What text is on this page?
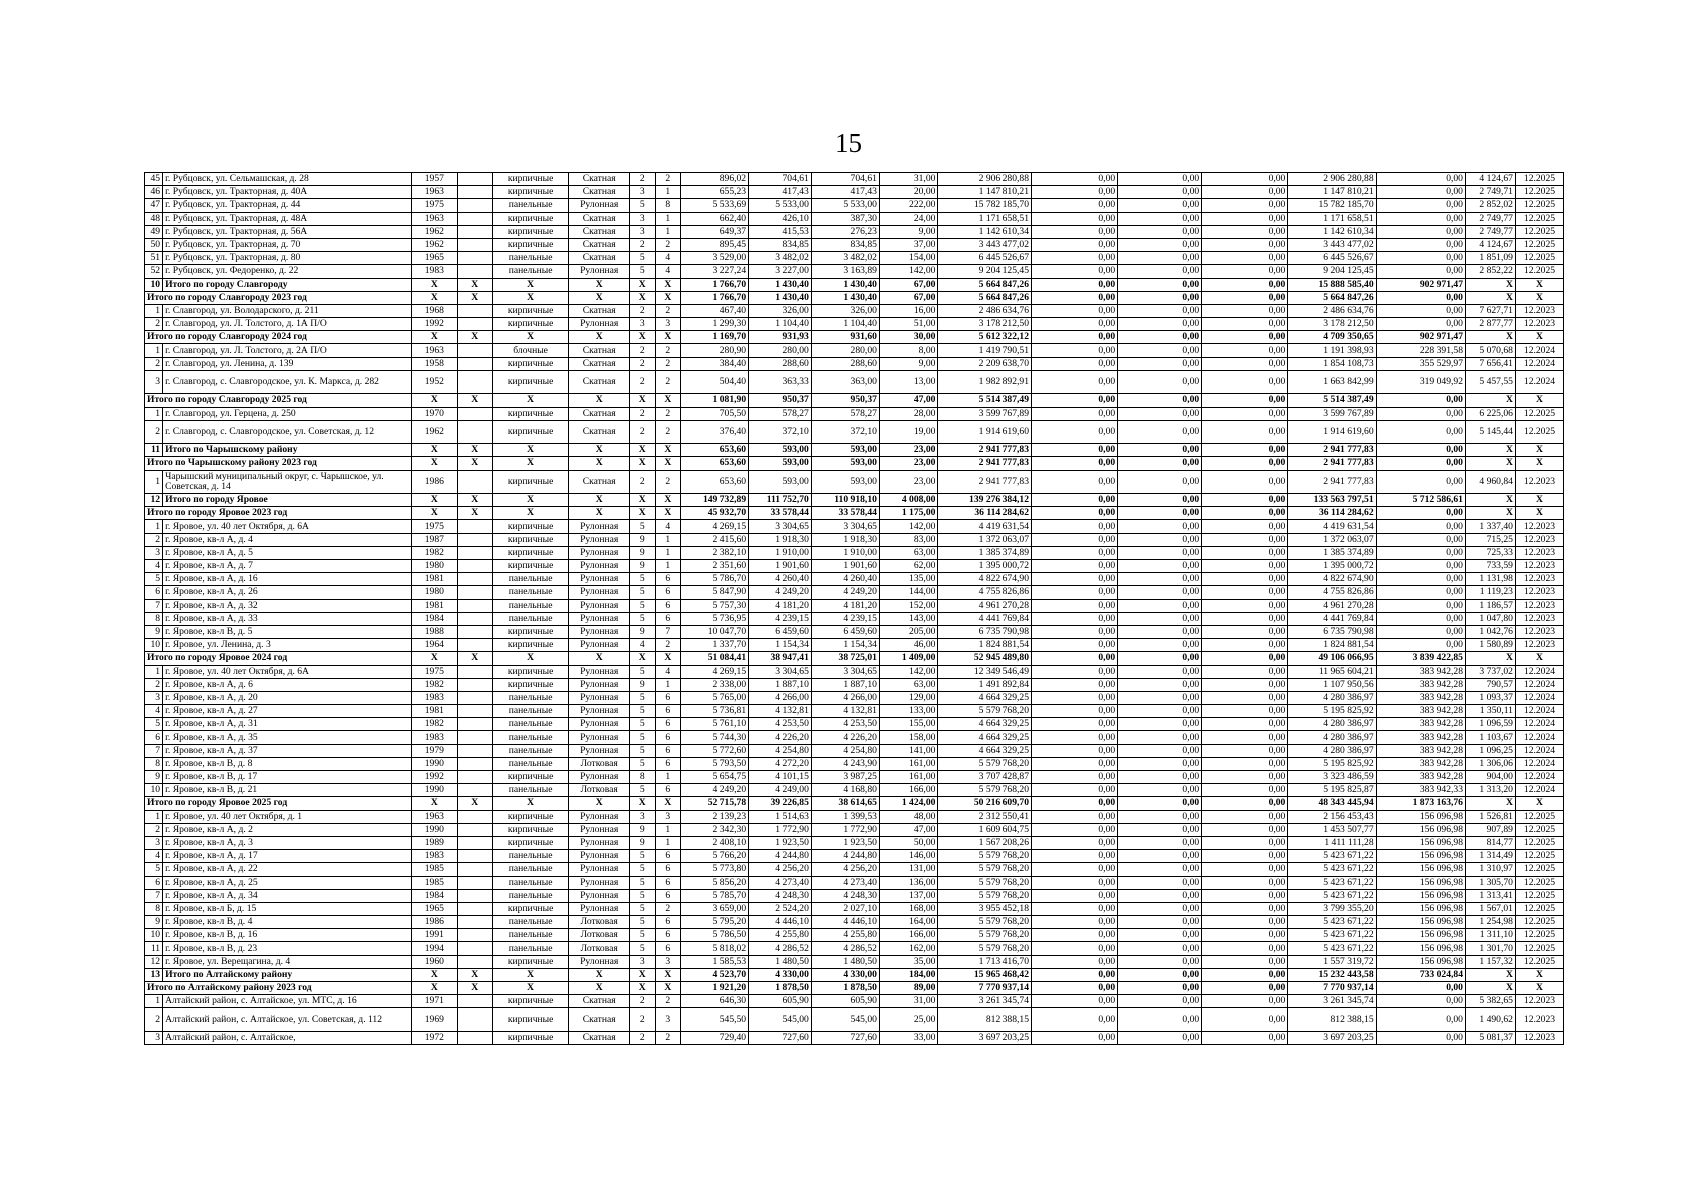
15
45	г. Рубцовск, ул. Сельмашская, д. 28	1957		кирпичные	Скатная	2	2	896,02	704,61	704,61	31,00	2 906 280,88	0,00	0,00	0,00	2 906 280,88	0,00	4 124,67	12.2025
46	г. Рубцовск, ул. Тракторная, д. 40А	1963		кирпичные	Скатная	3	1	655,23	417,43	417,43	20,00	1 147 810,21	0,00	0,00	0,00	1 147 810,21	0,00	2 749,71	12.2025
47	г. Рубцовск, ул. Тракторная, д. 44	1975		панельные	Рулонная	5	8	5 533,69	5 533,00	5 533,00	222,00	15 782 185,70	0,00	0,00	0,00	15 782 185,70	0,00	2 852,02	12.2025
48	г. Рубцовск, ул. Тракторная, д. 48А	1963		кирпичные	Скатная	3	1	662,40	426,10	387,30	24,00	1 171 658,51	0,00	0,00	0,00	1 171 658,51	0,00	2 749,77	12.2025
49	г. Рубцовск, ул. Тракторная, д. 56А	1962		кирпичные	Скатная	3	1	649,37	415,53	276,23	9,00	1 142 610,34	0,00	0,00	0,00	1 142 610,34	0,00	2 749,77	12.2025
50	г. Рубцовск, ул. Тракторная, д. 70	1962		кирпичные	Скатная	2	2	895,45	834,85	834,85	37,00	3 443 477,02	0,00	0,00	0,00	3 443 477,02	0,00	4 124,67	12.2025
51	г. Рубцовск, ул. Тракторная, д. 80	1965		панельные	Скатная	5	4	3 529,00	3 482,02	3 482,02	154,00	6 445 526,67	0,00	0,00	0,00	6 445 526,67	0,00	1 851,09	12.2025
52	г. Рубцовск, ул. Федоренко, д. 22	1983		панельные	Рулонная	5	4	3 227,24	3 227,00	3 163,89	142,00	9 204 125,45	0,00	0,00	0,00	9 204 125,45	0,00	2 852,22	12.2025
10	Итого по городу Славгороду	Х	Х	Х	Х	Х	Х	1 766,70	1 430,40	1 430,40	67,00	5 664 847,26	0,00	0,00	0,00	15 888 585,40	902 971,47	Х	Х
Итого по городу Славгороду 2023 год		Х	Х	Х	Х	Х	Х	1 766,70	1 430,40	1 430,40	67,00	5 664 847,26	0,00	0,00	0,00	5 664 847,26	0,00	Х	Х
1	г. Славгород, ул. Володарского, д. 211	1968		кирпичные	Скатная	2	2	467,40	326,00	326,00	16,00	2 486 634,76	0,00	0,00	0,00	2 486 634,76	0,00	7 627,71	12.2023
2	г. Славгород, ул. Л. Толстого, д. 1А П/О	1992		кирпичные	Рулонная	3	3	1 299,30	1 104,40	1 104,40	51,00	3 178 212,50	0,00	0,00	0,00	3 178 212,50	0,00	2 877,77	12.2023
Итого по городу Славгороду 2024 год		Х	Х	Х	Х	Х	Х	1 169,70	931,93	931,60	30,00	5 612 322,12	0,00	0,00	0,00	4 709 350,65	902 971,47	Х	Х
1	г. Славгород, ул. Л. Толстого, д. 2А П/О	1963		блочные	Скатная	2	2	280,90	280,00	280,00	8,00	1 419 790,51	0,00	0,00	0,00	1 191 398,93	228 391,58	5 070,68	12.2024
2	г. Славгород, ул. Ленина, д. 139	1958		кирпичные	Скатная	2	2	384,40	288,60	288,60	9,00	2 209 638,70	0,00	0,00	0,00	1 854 108,73	355 529,97	7 656,41	12.2024
3	г. Славгород, с. Славгородское, ул. К. Маркса, д. 282	1952		кирпичные	Скатная	2	2	504,40	363,33	363,00	13,00	1 982 892,91	0,00	0,00	0,00	1 663 842,99	319 049,92	5 457,55	12.2024
Итого по городу Славгороду 2025 год		Х	Х	Х	Х	Х	Х	1 081,90	950,37	950,37	47,00	5 514 387,49	0,00	0,00	0,00	5 514 387,49	0,00	Х	Х
1	г. Славгород, ул. Герцена, д. 250	1970		кирпичные	Скатная	2	2	705,50	578,27	578,27	28,00	3 599 767,89	0,00	0,00	0,00	3 599 767,89	0,00	6 225,06	12.2025
2	г. Славгород, с. Славгородское, ул. Советская, д. 12	1962		кирпичные	Скатная	2	2	376,40	372,10	372,10	19,00	1 914 619,60	0,00	0,00	0,00	1 914 619,60	0,00	5 145,44	12.2025
11	Итого по Чарышскому району	Х	Х	Х	Х	Х	Х	653,60	593,00	593,00	23,00	2 941 777,83	0,00	0,00	0,00	2 941 777,83	0,00	Х	Х
Итого по Чарышскому району 2023 год		Х	Х	Х	Х	Х	Х	653,60	593,00	593,00	23,00	2 941 777,83	0,00	0,00	0,00	2 941 777,83	0,00	Х	Х
1	Чарышский муниципальный округ, с. Чарышское, ул. Советская, д. 14	1986		кирпичные	Скатная	2	2	653,60	593,00	593,00	23,00	2 941 777,83	0,00	0,00	0,00	2 941 777,83	0,00	4 960,84	12.2023
12	Итого по городу Яровое	Х	Х	Х	Х	Х	Х	149 732,89	111 752,70	110 918,10	4 008,00	139 276 384,12	0,00	0,00	0,00	133 563 797,51	5 712 586,61	Х	Х
Итого по городу Яровое 2023 год		Х	Х	Х	Х	Х	Х	45 932,70	33 578,44	33 578,44	1 175,00	36 114 284,62	0,00	0,00	0,00	36 114 284,62	0,00	Х	Х
1	г. Яровое, ул. 40 лет Октября, д. 6А	1975		кирпичные	Рулонная	5	4	4 269,15	3 304,65	3 304,65	142,00	4 419 631,54	0,00	0,00	0,00	4 419 631,54	0,00	1 337,40	12.2023
2	г. Яровое, кв-л А, д. 4	1987		кирпичные	Рулонная	9	1	2 415,60	1 918,30	1 918,30	83,00	1 372 063,07	0,00	0,00	0,00	1 372 063,07	0,00	715,25	12.2023
3	г. Яровое, кв-л А, д. 5	1982		кирпичные	Рулонная	9	1	2 382,10	1 910,00	1 910,00	63,00	1 385 374,89	0,00	0,00	0,00	1 385 374,89	0,00	725,33	12.2023
4	г. Яровое, кв-л А, д. 7	1980		кирпичные	Рулонная	9	1	2 351,60	1 901,60	1 901,60	62,00	1 395 000,72	0,00	0,00	0,00	1 395 000,72	0,00	733,59	12.2023
5	г. Яровое, кв-л А, д. 16	1981		панельные	Рулонная	5	6	5 786,70	4 260,40	4 260,40	135,00	4 822 674,90	0,00	0,00	0,00	4 822 674,90	0,00	1 131,98	12.2023
6	г. Яровое, кв-л А, д. 26	1980		панельные	Рулонная	5	6	5 847,90	4 249,20	4 249,20	144,00	4 755 826,86	0,00	0,00	0,00	4 755 826,86	0,00	1 119,23	12.2023
7	г. Яровое, кв-л А, д. 32	1981		панельные	Рулонная	5	6	5 757,30	4 181,20	4 181,20	152,00	4 961 270,28	0,00	0,00	0,00	4 961 270,28	0,00	1 186,57	12.2023
8	г. Яровое, кв-л А, д. 33	1984		панельные	Рулонная	5	6	5 736,95	4 239,15	4 239,15	143,00	4 441 769,84	0,00	0,00	0,00	4 441 769,84	0,00	1 047,80	12.2023
9	г. Яровое, кв-л В, д. 5	1988		кирпичные	Рулонная	9	7	10 047,70	6 459,60	6 459,60	205,00	6 735 790,98	0,00	0,00	0,00	6 735 790,98	0,00	1 042,76	12.2023
10	г. Яровое, ул. Ленина, д. 3	1964		кирпичные	Рулонная	4	2	1 337,70	1 154,34	1 154,34	46,00	1 824 881,54	0,00	0,00	0,00	1 824 881,54	0,00	1 580,89	12.2023
Итого по городу Яровое 2024 год		Х	Х	Х	Х	Х	Х	51 084,41	38 947,41	38 725,01	1 409,00	52 945 489,80	0,00	0,00	0,00	49 106 066,95	3 839 422,85	Х	Х
1	г. Яровое, ул. 40 лет Октября, д. 6А	1975		кирпичные	Рулонная	5	4	4 269,15	3 304,65	3 304,65	142,00	12 349 546,49	0,00	0,00	0,00	11 965 604,21	383 942,28	3 737,02	12.2024
2	г. Яровое, кв-л А, д. 6	1982		кирпичные	Рулонная	9	1	2 338,00	1 887,10	1 887,10	63,00	1 491 892,84	0,00	0,00	0,00	1 107 950,56	383 942,28	790,57	12.2024
3	г. Яровое, кв-л А, д. 20	1983		панельные	Рулонная	5	6	5 765,00	4 266,00	4 266,00	129,00	4 664 329,25	0,00	0,00	0,00	4 280 386,97	383 942,28	1 093,37	12.2024
4	г. Яровое, кв-л А, д. 27	1981		панельные	Рулонная	5	6	5 736,81	4 132,81	4 132,81	133,00	5 579 768,20	0,00	0,00	0,00	5 195 825,92	383 942,28	1 350,11	12.2024
5	г. Яровое, кв-л А, д. 31	1982		панельные	Рулонная	5	6	5 761,10	4 253,50	4 253,50	155,00	4 664 329,25	0,00	0,00	0,00	4 280 386,97	383 942,28	1 096,59	12.2024
6	г. Яровое, кв-л А, д. 35	1983		панельные	Рулонная	5	6	5 744,30	4 226,20	4 226,20	158,00	4 664 329,25	0,00	0,00	0,00	4 280 386,97	383 942,28	1 103,67	12.2024
7	г. Яровое, кв-л А, д. 37	1979		панельные	Рулонная	5	6	5 772,60	4 254,80	4 254,80	141,00	4 664 329,25	0,00	0,00	0,00	4 280 386,97	383 942,28	1 096,25	12.2024
8	г. Яровое, кв-л В, д. 8	1990		панельные	Лотковая	5	6	5 793,50	4 272,20	4 243,90	161,00	5 579 768,20	0,00	0,00	0,00	5 195 825,92	383 942,28	1 306,06	12.2024
9	г. Яровое, кв-л В, д. 17	1992		кирпичные	Рулонная	8	1	5 654,75	4 101,15	3 987,25	161,00	3 707 428,87	0,00	0,00	0,00	3 323 486,59	383 942,28	904,00	12.2024
10	г. Яровое, кв-л В, д. 21	1990		панельные	Лотковая	5	6	4 249,20	4 249,00	4 168,80	166,00	5 579 768,20	0,00	0,00	0,00	5 195 825,87	383 942,33	1 313,20	12.2024
Итого по городу Яровое 2025 год		Х	Х	Х	Х	Х	Х	52 715,78	39 226,85	38 614,65	1 424,00	50 216 609,70	0,00	0,00	0,00	48 343 445,94	1 873 163,76	Х	Х
1	г. Яровое, ул. 40 лет Октября, д. 1	1963		кирпичные	Рулонная	3	3	2 139,23	1 514,63	1 399,53	48,00	2 312 550,41	0,00	0,00	0,00	2 156 453,43	156 096,98	1 526,81	12.2025
2	г. Яровое, кв-л А, д. 2	1990		кирпичные	Рулонная	9	1	2 342,30	1 772,90	1 772,90	47,00	1 609 604,75	0,00	0,00	0,00	1 453 507,77	156 096,98	907,89	12.2025
3	г. Яровое, кв-л А, д. 3	1989		кирпичные	Рулонная	9	1	2 408,10	1 923,50	1 923,50	50,00	1 567 208,26	0,00	0,00	0,00	1 411 111,28	156 096,98	814,77	12.2025
4	г. Яровое, кв-л А, д. 17	1983		панельные	Рулонная	5	6	5 766,20	4 244,80	4 244,80	146,00	5 579 768,20	0,00	0,00	0,00	5 423 671,22	156 096,98	1 314,49	12.2025
5	г. Яровое, кв-л А, д. 22	1985		панельные	Рулонная	5	6	5 773,80	4 256,20	4 256,20	131,00	5 579 768,20	0,00	0,00	0,00	5 423 671,22	156 096,98	1 310,97	12.2025
6	г. Яровое, кв-л А, д. 25	1985		панельные	Рулонная	5	6	5 856,20	4 273,40	4 273,40	136,00	5 579 768,20	0,00	0,00	0,00	5 423 671,22	156 096,98	1 305,70	12.2025
7	г. Яровое, кв-л А, д. 34	1984		панельные	Рулонная	5	6	5 785,70	4 248,30	4 248,30	137,00	5 579 768,20	0,00	0,00	0,00	5 423 671,22	156 096,98	1 313,41	12.2025
8	г. Яровое, кв-л Б, д. 15	1965		кирпичные	Рулонная	5	2	3 659,00	2 524,20	2 027,10	168,00	3 955 452,18	0,00	0,00	0,00	3 799 355,20	156 096,98	1 567,01	12.2025
9	г. Яровое, кв-л В, д. 4	1986		панельные	Лотковая	5	6	5 795,20	4 446,10	4 446,10	164,00	5 579 768,20	0,00	0,00	0,00	5 423 671,22	156 096,98	1 254,98	12.2025
10	г. Яровое, кв-л В, д. 16	1991		панельные	Лотковая	5	6	5 786,50	4 255,80	4 255,80	166,00	5 579 768,20	0,00	0,00	0,00	5 423 671,22	156 096,98	1 311,10	12.2025
11	г. Яровое, кв-л В, д. 23	1994		панельные	Лотковая	5	6	5 818,02	4 286,52	4 286,52	162,00	5 579 768,20	0,00	0,00	0,00	5 423 671,22	156 096,98	1 301,70	12.2025
12	г. Яровое, ул. Верещагина, д. 4	1960		кирпичные	Рулонная	3	3	1 585,53	1 480,50	1 480,50	35,00	1 713 416,70	0,00	0,00	0,00	1 557 319,72	156 096,98	1 157,32	12.2025
13	Итого по Алтайскому району	Х	Х	Х	Х	Х	Х	4 523,70	4 330,00	4 330,00	184,00	15 965 468,42	0,00	0,00	0,00	15 232 443,58	733 024,84	Х	Х
Итого по Алтайскому району 2023 год		Х	Х	Х	Х	Х	Х	1 921,20	1 878,50	1 878,50	89,00	7 770 937,14	0,00	0,00	0,00	7 770 937,14	0,00	Х	Х
1	Алтайский район, с. Алтайское, ул. МТС, д. 16	1971		кирпичные	Скатная	2	2	646,30	605,90	605,90	31,00	3 261 345,74	0,00	0,00	0,00	3 261 345,74	0,00	5 382,65	12.2023
2	Алтайский район, с. Алтайское, ул. Советская, д. 112	1969		кирпичные	Скатная	2	3	545,50	545,00	545,00	25,00	812 388,15	0,00	0,00	0,00	812 388,15	0,00	1 490,62	12.2023
3	Алтайский район, с. Алтайское,	1972		кирпичные	Скатная	2	2	729,40	727,60	727,60	33,00	3 697 203,25	0,00	0,00	0,00	3 697 203,25	0,00	5 081,37	12.2023
